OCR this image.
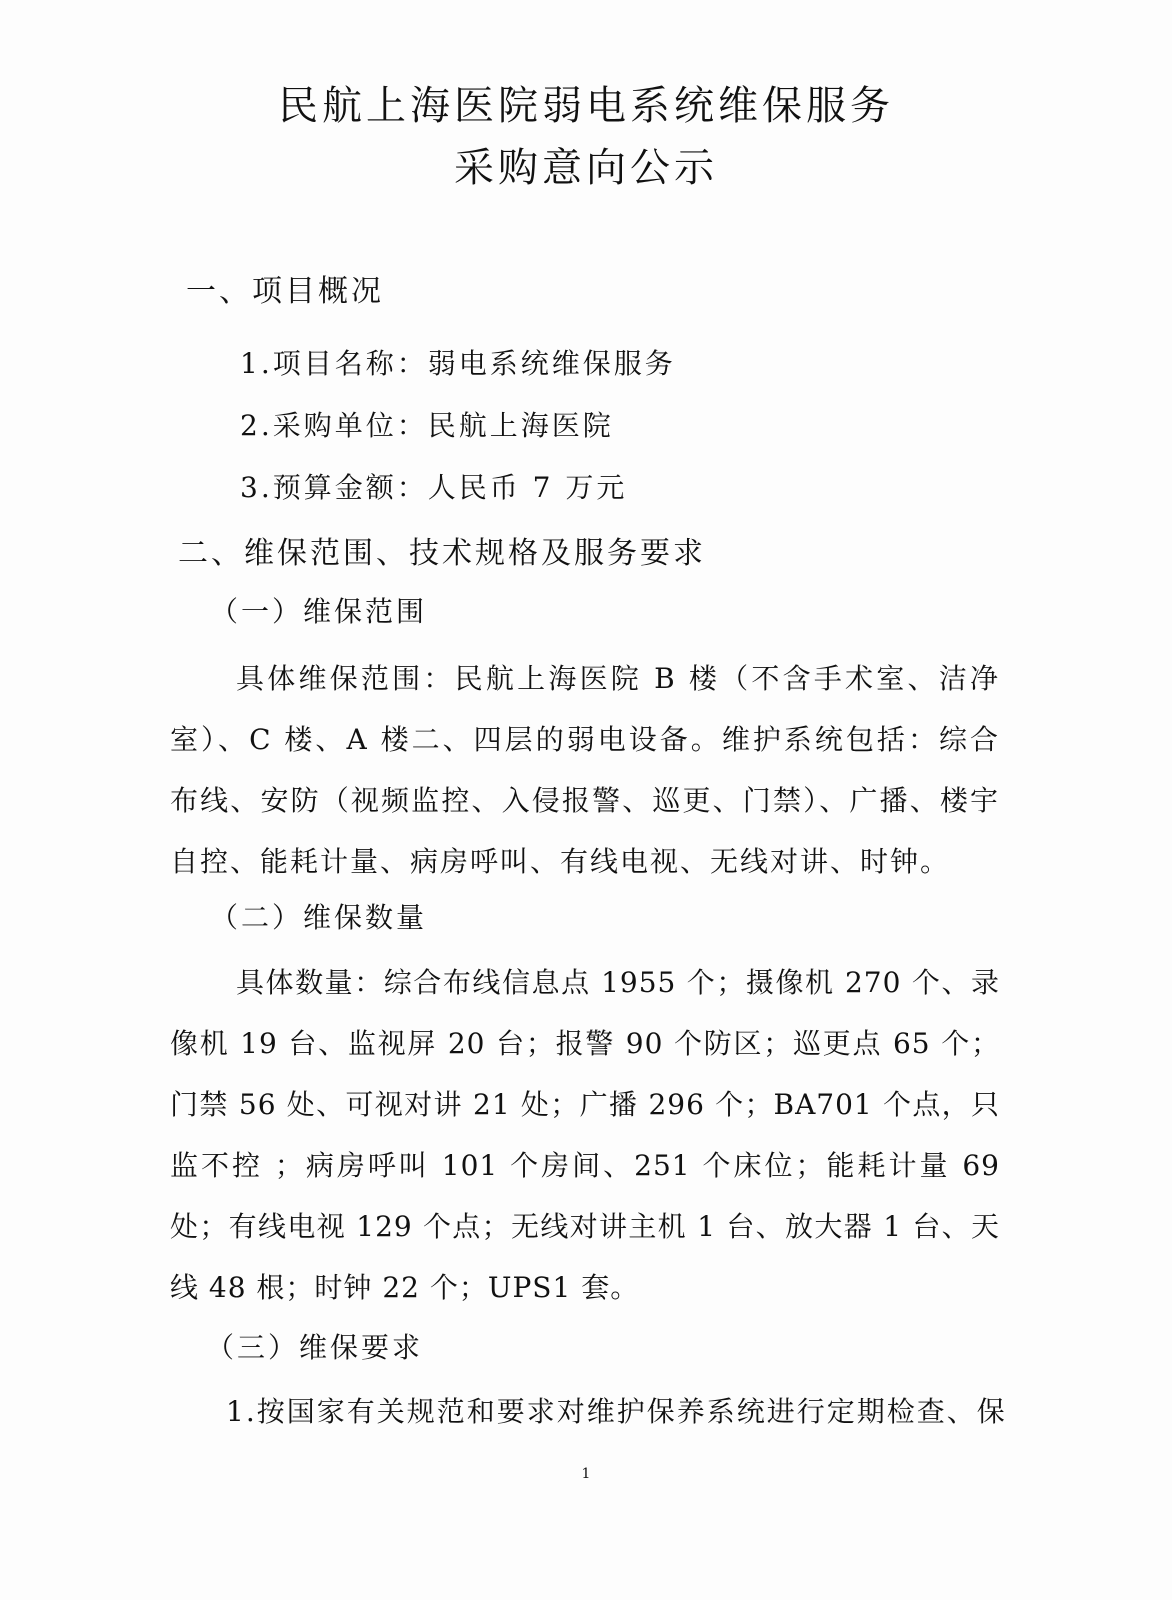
民航上海医院弱电系统维保服务
采购意向公示
一、项目概况
1.项目名称：弱电系统维保服务
2.采购单位：民航上海医院
3.预算金额：人民币 7 万元
二、维保范围、技术规格及服务要求
（一）维保范围
具体维保范围：民航上海医院 B 楼（不含手术室、洁净室）、C 楼、A 楼二、四层的弱电设备。维护系统包括：综合布线、安防（视频监控、入侵报警、巡更、门禁）、广播、楼宇自控、能耗计量、病房呼叫、有线电视、无线对讲、时钟。
（二）维保数量
具体数量：综合布线信息点 1955 个；摄像机 270 个、录像机 19 台、监视屏 20 台；报警 90 个防区；巡更点 65 个；门禁 56 处、可视对讲 21 处；广播 296 个；BA701 个点，只监不控 ；病房呼叫 101 个房间、251 个床位；能耗计量 69 处；有线电视 129 个点；无线对讲主机 1 台、放大器 1 台、天线 48 根；时钟 22 个；UPS1 套。
（三）维保要求
1.按国家有关规范和要求对维护保养系统进行定期检查、保
1
